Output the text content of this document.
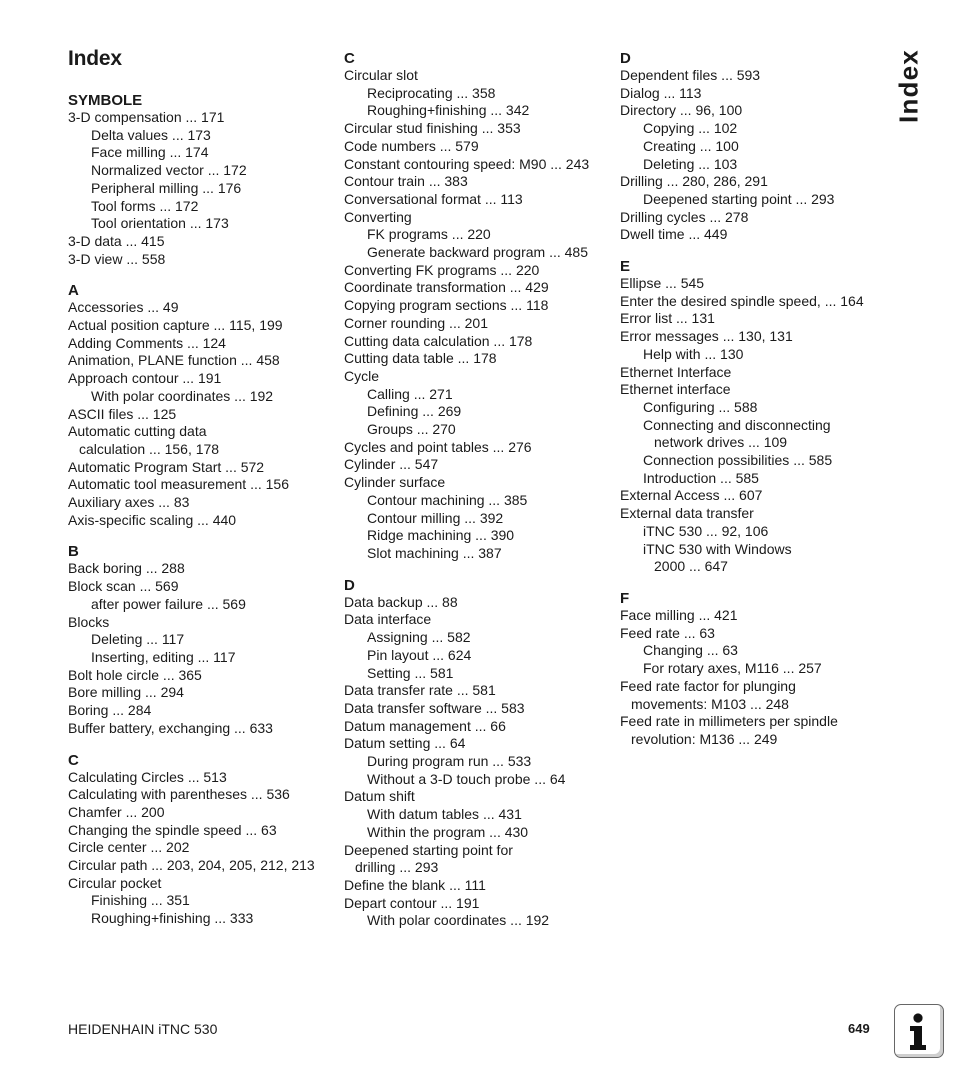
Index	Index
SYMBOLE
3-D compensation ... 171
Delta values ... 173
Face milling ... 174
Normalized vector ... 172
Peripheral milling ... 176
Tool forms ... 172
Tool orientation ... 173
3-D data ... 415
3-D view ... 558
A
Accessories ... 49
Actual position capture ... 115, 199
Adding Comments ... 124
Animation, PLANE function ... 458
Approach contour ... 191
With polar coordinates ... 192
ASCII files ... 125
Automatic cutting data
calculation ... 156, 178
Automatic Program Start ... 572
Automatic tool measurement ... 156
Auxiliary axes ... 83
Axis-specific scaling ... 440
B
Back boring ... 288
Block scan ... 569
after power failure ... 569
Blocks
Deleting ... 117
Inserting, editing ... 117
Bolt hole circle ... 365
Bore milling ... 294
Boring ... 284
Buffer battery, exchanging ... 633
C
Calculating Circles ... 513
Calculating with parentheses ... 536
Chamfer ... 200
Changing the spindle speed ... 63
Circle center ... 202
Circular path ... 203, 204, 205, 212, 213
Circular pocket
Finishing ... 351
Roughing+finishing ... 333
C
Circular slot
Reciprocating ... 358
Roughing+finishing ... 342
Circular stud finishing ... 353
Code numbers ... 579
Constant contouring speed: M90 ... 243
Contour train ... 383
Conversational format ... 113
Converting
FK programs ... 220
Generate backward program ... 485
Converting FK programs ... 220
Coordinate transformation ... 429
Copying program sections ... 118
Corner rounding ... 201
Cutting data calculation ... 178
Cutting data table ... 178
Cycle
Calling ... 271
Defining ... 269
Groups ... 270
Cycles and point tables ... 276
Cylinder ... 547
Cylinder surface
Contour machining ... 385
Contour milling ... 392
Ridge machining ... 390
Slot machining ... 387
D
Data backup ... 88
Data interface
Assigning ... 582
Pin layout ... 624
Setting ... 581
Data transfer rate ... 581
Data transfer software ... 583
Datum management ... 66
Datum setting ... 64
During program run ... 533
Without a 3-D touch probe ... 64
Datum shift
With datum tables ... 431
Within the program ... 430
Deepened starting point for
drilling ... 293
Define the blank ... 111
Depart contour ... 191
With polar coordinates ... 192
D
Dependent files ... 593
Dialog ... 113
Directory ... 96, 100
Copying ... 102
Creating ... 100
Deleting ... 103
Drilling ... 280, 286, 291
Deepened starting point ... 293
Drilling cycles ... 278
Dwell time ... 449
E
Ellipse ... 545
Enter the desired spindle speed, ... 164
Error list ... 131
Error messages ... 130, 131
Help with ... 130
Ethernet Interface
Ethernet interface
Configuring ... 588
Connecting and disconnecting
network drives ... 109
Connection possibilities ... 585
Introduction ... 585
External Access ... 607
External data transfer
iTNC 530 ... 92, 106
iTNC 530 with Windows
2000 ... 647
F
Face milling ... 421
Feed rate ... 63
Changing ... 63
For rotary axes, M116 ... 257
Feed rate factor for plunging
movements: M103 ... 248
Feed rate in millimeters per spindle
revolution: M136 ... 249
HEIDENHAIN iTNC 530	649
